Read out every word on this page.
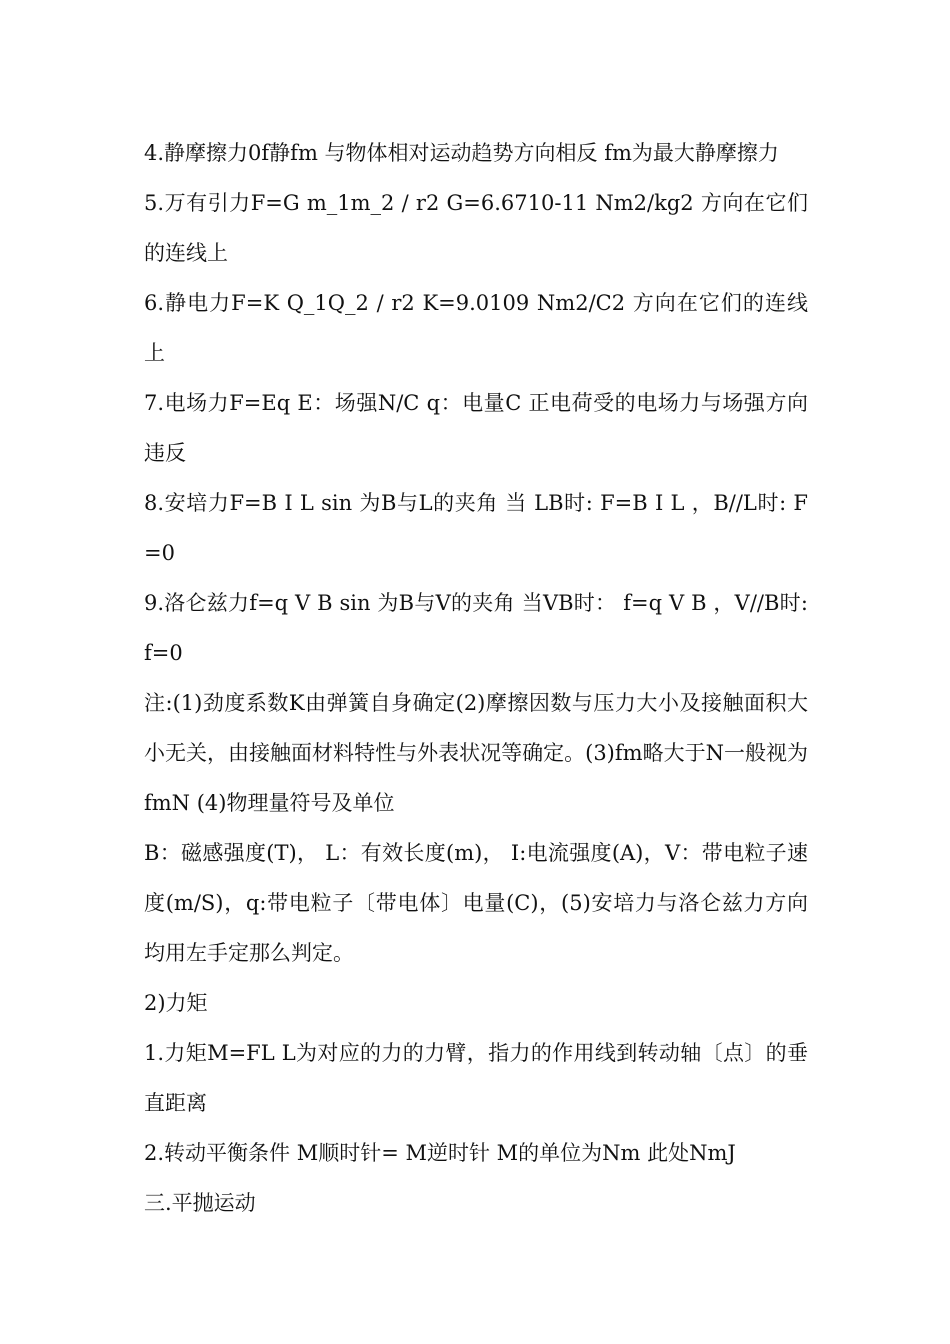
4.静摩擦力0f静fm 与物体相对运动趋势方向相反 fm为最大静摩擦力

5.万有引力F=G m_1m_2 / r2 G=6.6710-11 Nm2/kg2 方向在它们的连线上

6.静电力F=K Q_1Q_2 / r2 K=9.0109 Nm2/C2 方向在它们的连线上

7.电场力F=Eq E：场强N/C q：电量C 正电荷受的电场力与场强方向违反

8.安培力F=B I L sin 为B与L的夹角 当 LB时: F=B I L ，B//L时: F=0

9.洛仑兹力f=q V B sin 为B与V的夹角 当VB时： f=q V B ，V//B时: f=0

注:(1)劲度系数K由弹簧自身确定(2)摩擦因数与压力大小及接触面积大小无关，由接触面材料特性与外表状况等确定。(3)fm略大于N一般视为fmN (4)物理量符号及单位

B：磁感强度(T)， L：有效长度(m)， I:电流强度(A)，V：带电粒子速度(m/S)，q:带电粒子〔带电体〕电量(C)，(5)安培力与洛仑兹力方向均用左手定那么判定。

2)力矩

1.力矩M=FL L为对应的力的力臂，指力的作用线到转动轴〔点〕的垂直距离

2.转动平衡条件 M顺时针= M逆时针 M的单位为Nm 此处NmJ

三.平抛运动
